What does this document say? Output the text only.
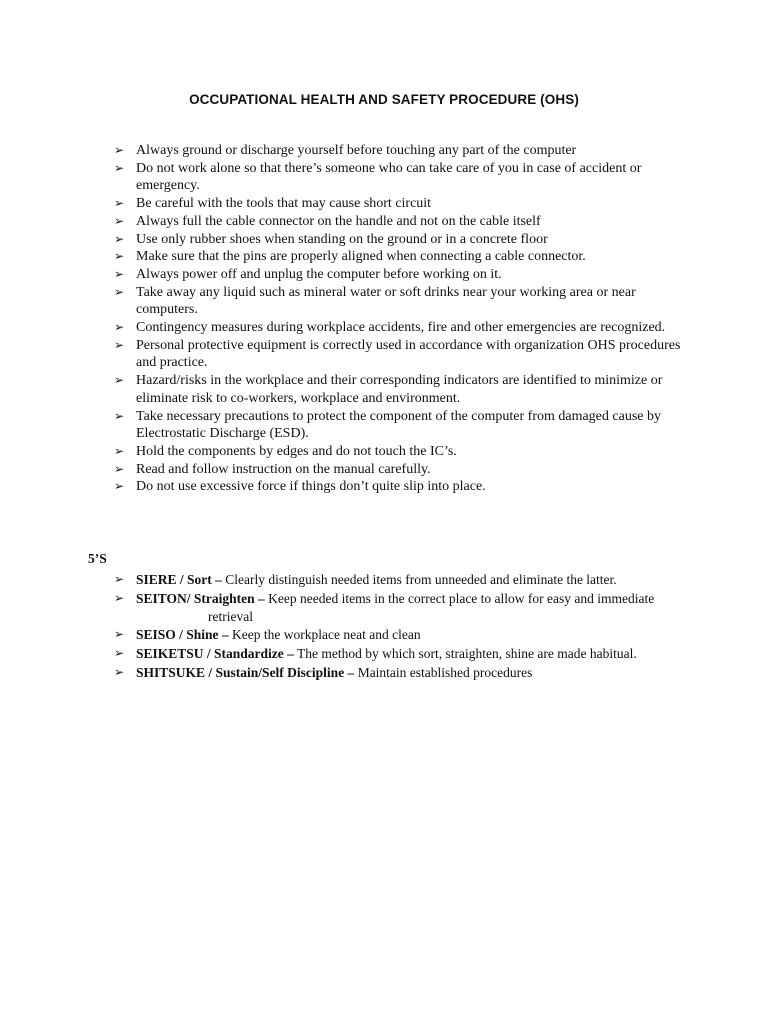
OCCUPATIONAL HEALTH AND SAFETY PROCEDURE (OHS)
➢ Always ground or discharge yourself before touching any part of the computer
➢ Do not work alone so that there’s someone who can take care of you in case of accident or emergency.
➢ Be careful with the tools that may cause short circuit
➢ Always full the cable connector on the handle and not on the cable itself
➢ Use only rubber shoes when standing on the ground or in a concrete floor
➢ Make sure that the pins are properly aligned when connecting a cable connector.
➢ Always power off and unplug the computer before working on it.
➢ Take away any liquid such as mineral water or soft drinks near your working area or near computers.
➢ Contingency measures during workplace accidents, fire and other emergencies are recognized.
➢ Personal protective equipment is correctly used in accordance with organization OHS procedures and practice.
➢ Hazard/risks in the workplace and their corresponding indicators are identified to minimize or eliminate risk to co-workers, workplace and environment.
➢ Take necessary precautions to protect the component of the computer from damaged cause by Electrostatic Discharge (ESD).
➢ Hold the components by edges and do not touch the IC’s.
➢ Read and follow instruction on the manual carefully.
➢ Do not use excessive force if things don’t quite slip into place.
5’S
➢ SIERE / Sort – Clearly distinguish needed items from unneeded and eliminate the latter.
➢ SEITON/ Straighten – Keep needed items in the correct place to allow for easy and immediate
retrieval
➢ SEISO / Shine – Keep the workplace neat and clean
➢ SEIKETSU / Standardize – The method by which sort, straighten, shine are made habitual.
➢ SHITSUKE / Sustain/Self Discipline – Maintain established procedures
